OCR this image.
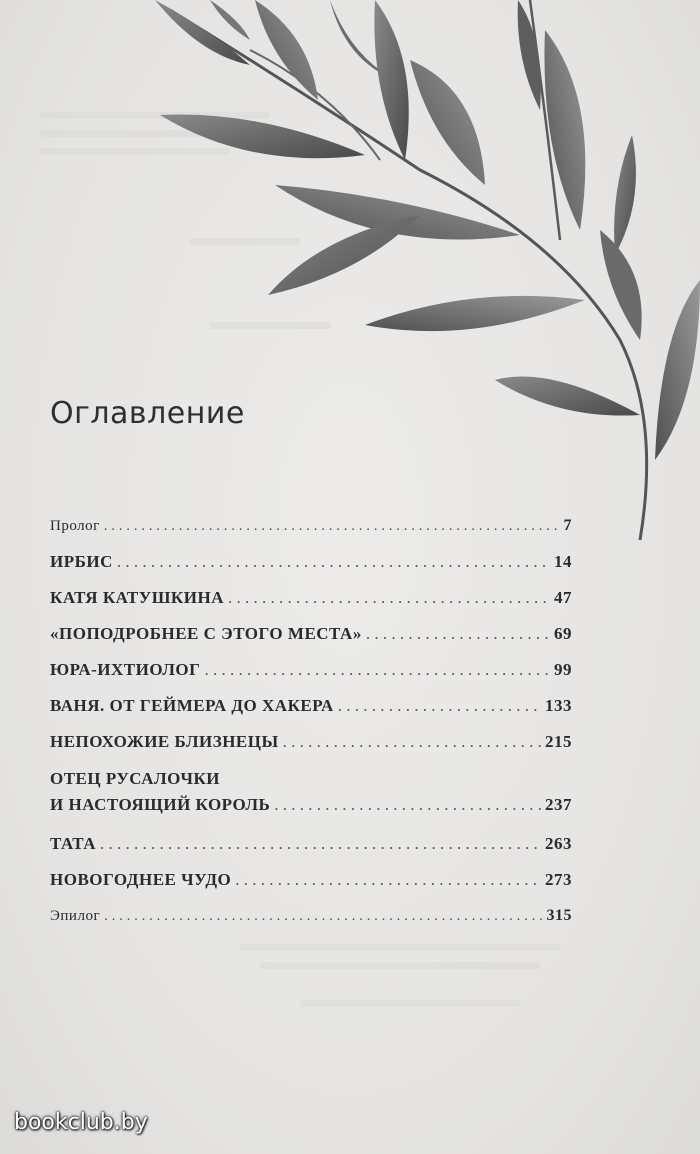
Оглавление
Пролог . . .	7
ИРБИС . . .	14
КАТЯ КАТУШКИНА . . .	47
«ПОПОДРОБНЕЕ С ЭТОГО МЕСТА» . . .	69
ЮРА-ИХТИОЛОГ . . .	99
ВАНЯ. ОТ ГЕЙМЕРА ДО ХАКЕРА . . .	133
НЕПОХОЖИЕ БЛИЗНЕЦЫ . . .	215
ОТЕЦ РУСАЛОЧКИ
И НАСТОЯЩИЙ КОРОЛЬ . . .	237
ТАТА . . .	263
НОВОГОДНЕЕ ЧУДО . . .	273
Эпилог . . .	315

bookclub.by
